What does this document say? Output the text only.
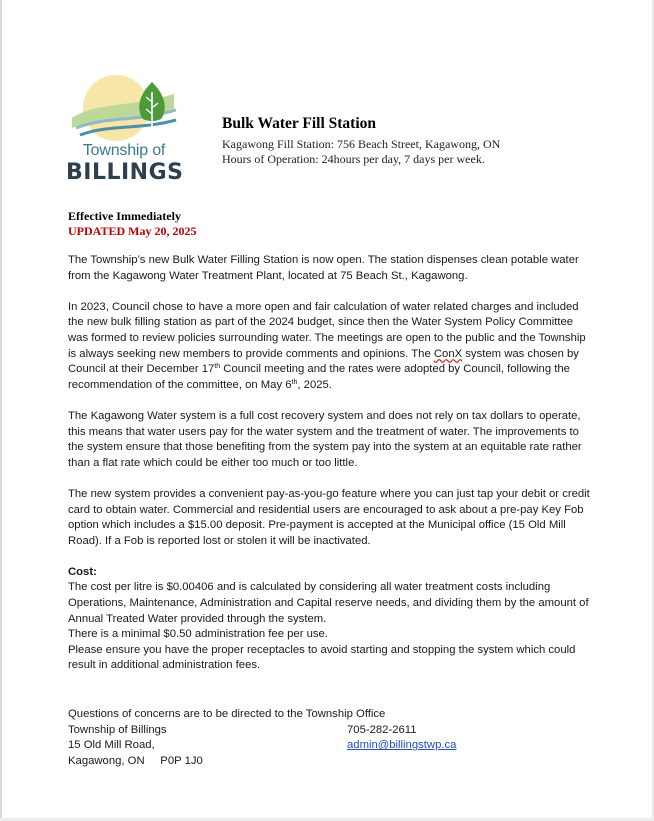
Township of
BILLINGS
Bulk Water Fill Station
Kagawong Fill Station: 756 Beach Street, Kagawong, ON
Hours of Operation: 24hours per day, 7 days per week.
Effective Immediately
UPDATED May 20, 2025

The Township’s new Bulk Water Filling Station is now open. The station dispenses clean potable water from the Kagawong Water Treatment Plant, located at 75 Beach St., Kagawong.

In 2023, Council chose to have a more open and fair calculation of water related charges and included the new bulk filling station as part of the 2024 budget, since then the Water System Policy Committee was formed to review policies surrounding water. The meetings are open to the public and the Township is always seeking new members to provide comments and opinions. The ConX system was chosen by Council at their December 17th Council meeting and the rates were adopted by Council, following the recommendation of the committee, on May 6th, 2025.

The Kagawong Water system is a full cost recovery system and does not rely on tax dollars to operate, this means that water users pay for the water system and the treatment of water. The improvements to the system ensure that those benefiting from the system pay into the system at an equitable rate rather than a flat rate which could be either too much or too little.

The new system provides a convenient pay-as-you-go feature where you can just tap your debit or credit card to obtain water. Commercial and residential users are encouraged to ask about a pre-pay Key Fob option which includes a $15.00 deposit. Pre-payment is accepted at the Municipal office (15 Old Mill Road). If a Fob is reported lost or stolen it will be inactivated.

Cost:
The cost per litre is $0.00406 and is calculated by considering all water treatment costs including Operations, Maintenance, Administration and Capital reserve needs, and dividing them by the amount of Annual Treated Water provided through the system.
There is a minimal $0.50 administration fee per use.
Please ensure you have the proper receptacles to avoid starting and stopping the system which could result in additional administration fees.
Questions of concerns are to be directed to the Township Office
Township of Billings	705-282-2611
15 Old Mill Road,	admin@billingstwp.ca
Kagawong, ON     P0P 1J0
